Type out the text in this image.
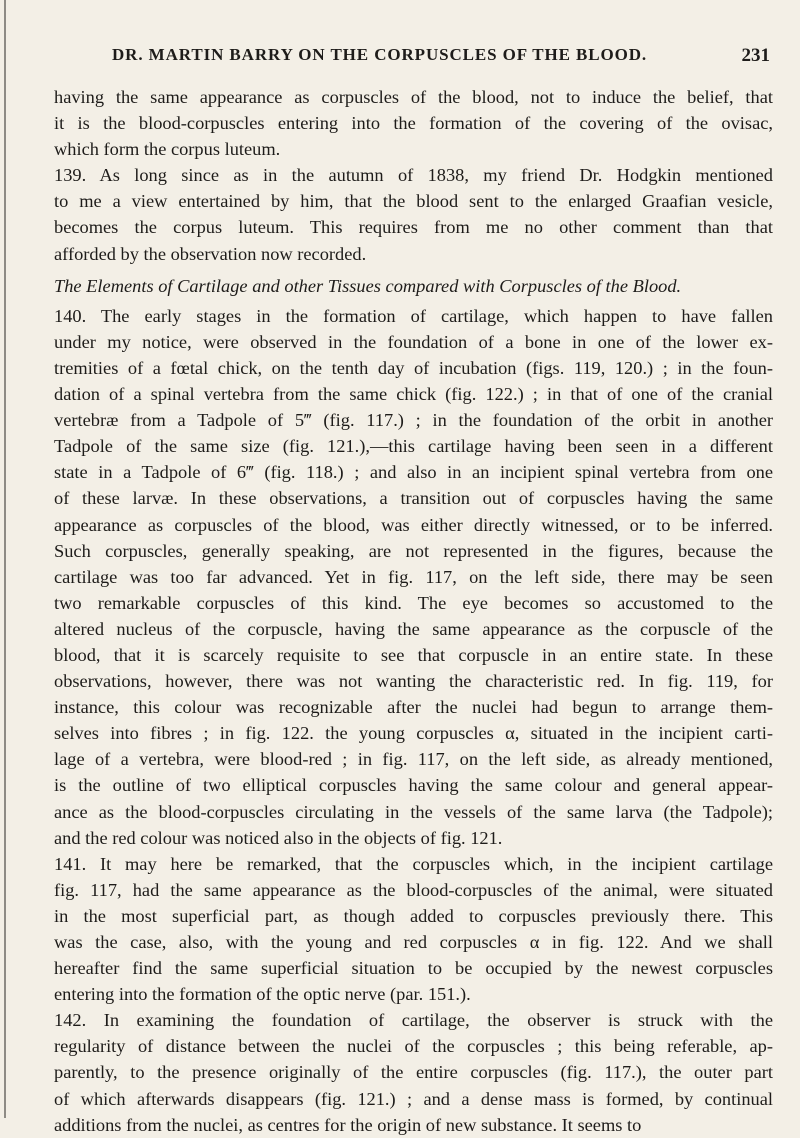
DR. MARTIN BARRY ON THE CORPUSCLES OF THE BLOOD.	231

having the same appearance as corpuscles of the blood, not to induce the belief, that
it is the blood-corpuscles entering into the formation of the covering of the ovisac,
which form the corpus luteum.

139. As long since as in the autumn of 1838, my friend Dr. Hodgkin mentioned
to me a view entertained by him, that the blood sent to the enlarged Graafian vesicle,
becomes the corpus luteum. This requires from me no other comment than that
afforded by the observation now recorded.

The Elements of Cartilage and other Tissues compared with Corpuscles of the Blood.

140. The early stages in the formation of cartilage, which happen to have fallen
under my notice, were observed in the foundation of a bone in one of the lower ex-
tremities of a fœtal chick, on the tenth day of incubation (figs. 119, 120.) ; in the foun-
dation of a spinal vertebra from the same chick (fig. 122.) ; in that of one of the cranial
vertebræ from a Tadpole of 5‴ (fig. 117.) ; in the foundation of the orbit in another
Tadpole of the same size (fig. 121.),—this cartilage having been seen in a different
state in a Tadpole of 6‴ (fig. 118.) ; and also in an incipient spinal vertebra from one
of these larvæ. In these observations, a transition out of corpuscles having the same
appearance as corpuscles of the blood, was either directly witnessed, or to be inferred.
Such corpuscles, generally speaking, are not represented in the figures, because the
cartilage was too far advanced. Yet in fig. 117, on the left side, there may be seen
two remarkable corpuscles of this kind. The eye becomes so accustomed to the
altered nucleus of the corpuscle, having the same appearance as the corpuscle of the
blood, that it is scarcely requisite to see that corpuscle in an entire state. In these
observations, however, there was not wanting the characteristic red. In fig. 119, for
instance, this colour was recognizable after the nuclei had begun to arrange them-
selves into fibres ; in fig. 122. the young corpuscles α, situated in the incipient carti-
lage of a vertebra, were blood-red ; in fig. 117, on the left side, as already mentioned,
is the outline of two elliptical corpuscles having the same colour and general appear-
ance as the blood-corpuscles circulating in the vessels of the same larva (the Tadpole);
and the red colour was noticed also in the objects of fig. 121.

141. It may here be remarked, that the corpuscles which, in the incipient cartilage
fig. 117, had the same appearance as the blood-corpuscles of the animal, were situated
in the most superficial part, as though added to corpuscles previously there. This
was the case, also, with the young and red corpuscles α in fig. 122. And we shall
hereafter find the same superficial situation to be occupied by the newest corpuscles
entering into the formation of the optic nerve (par. 151.).

142. In examining the foundation of cartilage, the observer is struck with the
regularity of distance between the nuclei of the corpuscles ; this being referable, ap-
parently, to the presence originally of the entire corpuscles (fig. 117.), the outer part
of which afterwards disappears (fig. 121.) ; and a dense mass is formed, by continual
additions from the nuclei, as centres for the origin of new substance. It seems to
